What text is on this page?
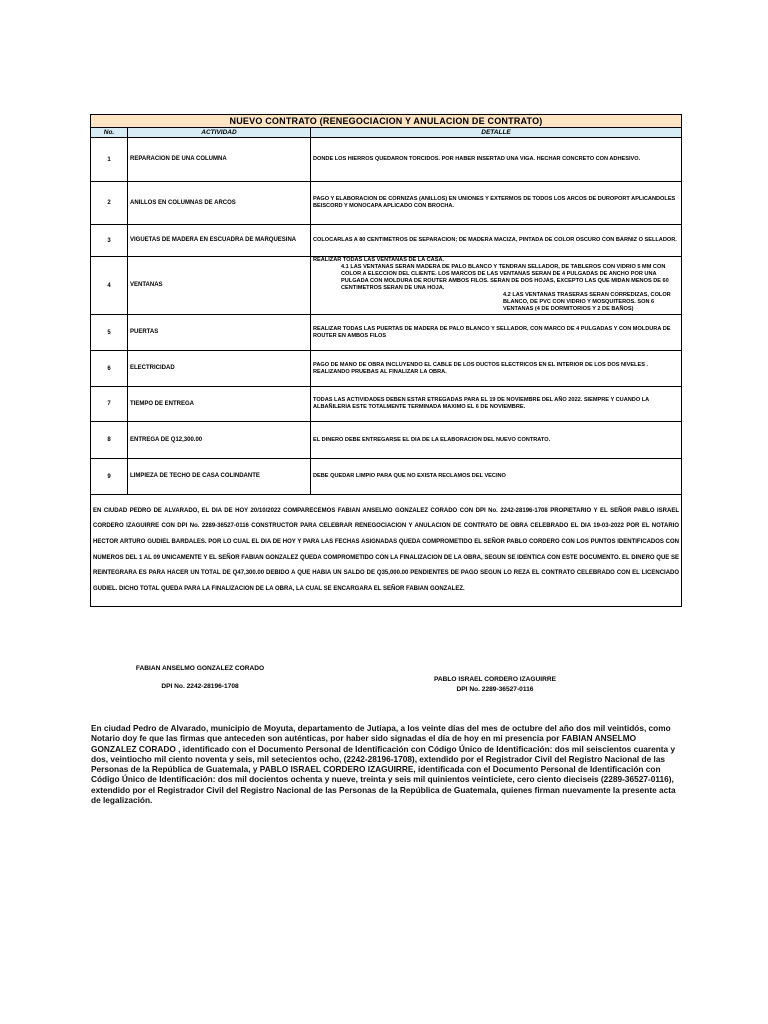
NUEVO CONTRATO (RENEGOCIACION Y ANULACION DE CONTRATO)		
No.	ACTIVIDAD	DETALLE
1	REPARACION DE UNA COLUMNA	DONDE LOS HIERROS QUEDARON TORCIDOS. POR HABER INSERTAD UNA VIGA. HECHAR CONCRETO CON ADHESIVO.
2	ANILLOS EN COLUMNAS DE ARCOS	PAGO Y ELABORACION DE CORNIZAS (ANILLOS) EN UNIONES Y EXTERMOS DE TODOS LOS ARCOS DE DUROPORT APLICANDOLES BEISCORD Y MONOCAPA APLICADO CON BROCHA.
3	VIGUETAS DE MADERA EN ESCUADRA DE MARQUESINA	COLOCARLAS A 80 CENTIMETROS DE SEPARACION; DE MADERA MACIZA, PINTADA DE COLOR OSCURO CON BARNIZ O SELLADOR.
4	VENTANAS	REALIZAR TODAS LAS VENTANAS DE LA CASA.
4.1 LAS VENTANAS SERAN MADERA DE PALO BLANCO Y TENDRAN SELLADOR, DE TABLEROS CON VIDRIO 5 MM CON COLOR A ELECCION DEL CLIENTE. LOS MARCOS DE LAS VENTANAS SERAN DE 4 PULGADAS DE ANCHO POR UNA PULGADA CON MOLDURA DE ROUTER AMBOS FILOS. SERAN DE DOS HOJAS, EXCEPTO LAS QUE MIDAN MENOS DE 60 CENTIMETROS SERAN DE UNA HOJA.
4.2 LAS VENTANAS TRASERAS SERAN CORREDIZAS, COLOR BLANCO, DE PVC CON VIDRIO Y MOSQUITEROS. SON 6 VENTANAS (4 DE DORMITORIOS Y 2 DE BAÑOS)

5	PUERTAS	REALIZAR TODAS LAS PUERTAS DE MADERA DE PALO BLANCO Y SELLADOR, CON MARCO DE 4 PULGADAS Y CON MOLDURA DE ROUTER EN AMBOS FILOS
6	ELECTRICIDAD	PAGO DE MANO DE OBRA INCLUYENDO EL CABLE DE LOS DUCTOS ELECTRICOS EN EL INTERIOR DE LOS DOS NIVELES . REALIZANDO PRUEBAS AL FINALIZAR LA OBRA.
7	TIEMPO DE ENTREGA	TODAS LAS ACTIVIDADES DEBEN ESTAR ETREGADAS PARA EL 19 DE NOVIEMBRE DEL AÑO 2022. SIEMPRE Y CUANDO LA ALBAÑILERIA ESTE TOTALMENTE TERMINADA MAXIMO EL 6 DE NOVIEMBRE.
8	ENTREGA DE Q12,300.00	EL DINERO DEBE ENTREGARSE EL DIA DE LA ELABORACION DEL NUEVO CONTRATO.
9	LIMPIEZA DE TECHO DE CASA COLINDANTE	DEBE QUEDAR LIMPIO PARA QUE NO EXISTA RECLAMOS DEL VECINO
EN CIUDAD PEDRO DE ALVARADO, EL DIA DE HOY 20/10/2022 COMPARECEMOS FABIAN ANSELMO GONZALEZ CORADO CON DPI No. 2242-28196-1708 PROPIETARIO Y EL SEÑOR PABLO ISRAEL CORDERO IZAGUIRRE CON DPI No. 2289-36527-0116 CONSTRUCTOR PARA CELEBRAR RENEGOCIACION Y ANULACION DE CONTRATO DE OBRA CELEBRADO EL DIA 19-03-2022 POR EL NOTARIO HECTOR ARTURO GUDIEL BARDALES. POR LO CUAL EL DIA DE HOY Y PARA LAS FECHAS ASIGNADAS QUEDA COMPROMETIDO EL SEÑOR PABLO CORDERO CON LOS PUNTOS IDENTIFICADOS CON NUMEROS DEL 1 AL 09 UNICAMENTE Y EL SEÑOR FABIAN GONZALEZ QUEDA COMPROMETIDO CON LA FINALIZACION DE LA OBRA, SEGUN SE IDENTICA CON ESTE DOCUMENTO. EL DINERO QUE SE REINTEGRARA ES PARA HACER UN TOTAL DE Q47,300.00 DEBIDO A QUE HABIA UN SALDO DE Q35,000.00 PENDIENTES DE PAGO SEGUN LO REZA EL CONTRATO CELEBRADO CON EL LICENCIADO GUDIEL. DICHO TOTAL QUEDA PARA LA FINALIZACION DE LA OBRA, LA CUAL SE ENCARGARA EL SEÑOR FABIAN GONZALEZ.		
FABIAN ANSELMO GONZALEZ CORADO
DPI No. 2242-28196-1708
PABLO ISRAEL CORDERO IZAGUIRRE
DPI No. 2289-36527-0116
En ciudad Pedro de Alvarado, municipio de Moyuta, departamento de Jutiapa, a los veinte días del mes de octubre del año dos mil veintidós, como Notario doy fe que las firmas que anteceden son auténticas, por haber sido signadas el día de hoy en mi presencia por FABIAN ANSELMO GONZALEZ CORADO , identificado con el Documento Personal de Identificación con Código Único de Identificación: dos mil seiscientos cuarenta y dos, veintiocho mil ciento noventa y seis, mil setecientos ocho, (2242-28196-1708), extendido por el Registrador Civil del Registro Nacional de las Personas de la República de Guatemala, y PABLO ISRAEL CORDERO IZAGUIRRE, identificada con el Documento Personal de Identificación con Código Único de Identificación: dos mil docientos ochenta y nueve, treinta y seis mil quinientos veinticiete, cero ciento dieciseis (2289-36527-0116), extendido por el Registrador Civil del Registro Nacional de las Personas de la República de Guatemala, quienes firman nuevamente la presente acta de legalización.
